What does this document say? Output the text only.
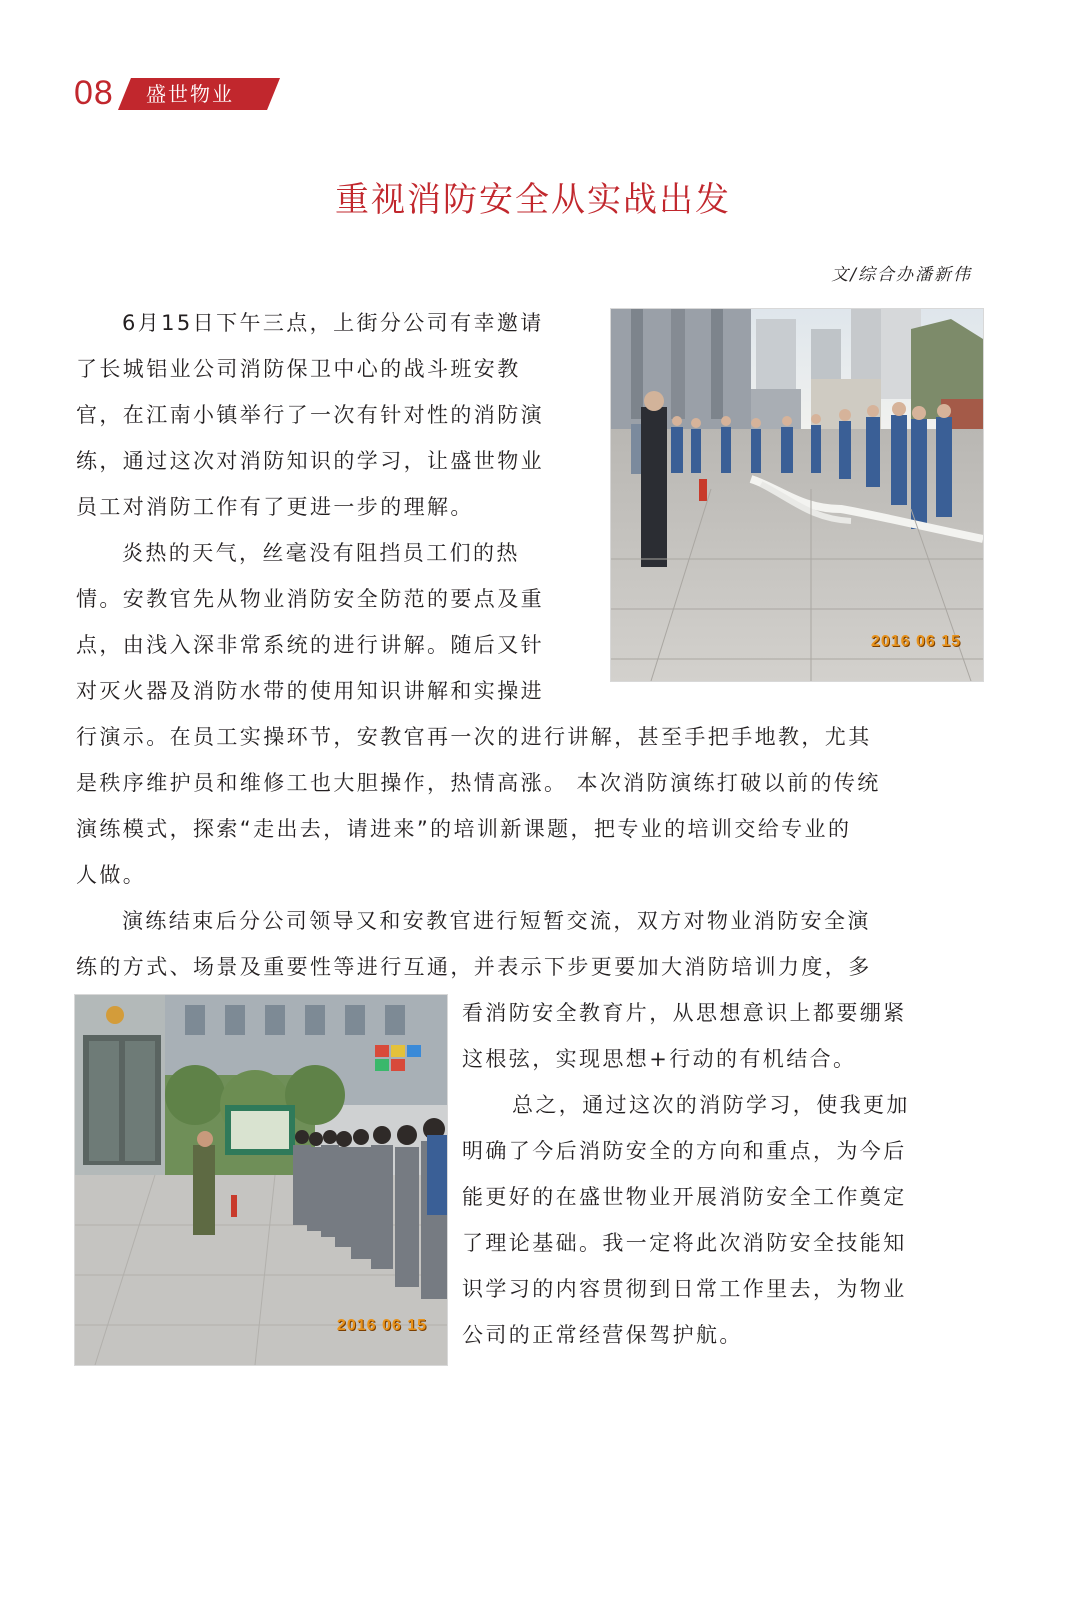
08 盛世物业
重视消防安全从实战出发
文/综合办潘新伟
6月15日下午三点，上街分公司有幸邀请
了长城铝业公司消防保卫中心的战斗班安教
官，在江南小镇举行了一次有针对性的消防演
练，通过这次对消防知识的学习，让盛世物业
员工对消防工作有了更进一步的理解。
炎热的天气，丝毫没有阻挡员工们的热
情。安教官先从物业消防安全防范的要点及重
点，由浅入深非常系统的进行讲解。随后又针
对灭火器及消防水带的使用知识讲解和实操进
行演示。在员工实操环节，安教官再一次的进行讲解，甚至手把手地教，尤其
是秩序维护员和维修工也大胆操作，热情高涨。 本次消防演练打破以前的传统
演练模式，探索“走出去，请进来”的培训新课题，把专业的培训交给专业的
人做。
演练结束后分公司领导又和安教官进行短暂交流，双方对物业消防安全演
练的方式、场景及重要性等进行互通，并表示下步更要加大消防培训力度，多
看消防安全教育片，从思想意识上都要绷紧
这根弦，实现思想+行动的有机结合。
总之，通过这次的消防学习，使我更加
明确了今后消防安全的方向和重点，为今后
能更好的在盛世物业开展消防安全工作奠定
了理论基础。我一定将此次消防安全技能知
识学习的内容贯彻到日常工作里去，为物业
公司的正常经营保驾护航。
2016 06 15
2016 06 15
